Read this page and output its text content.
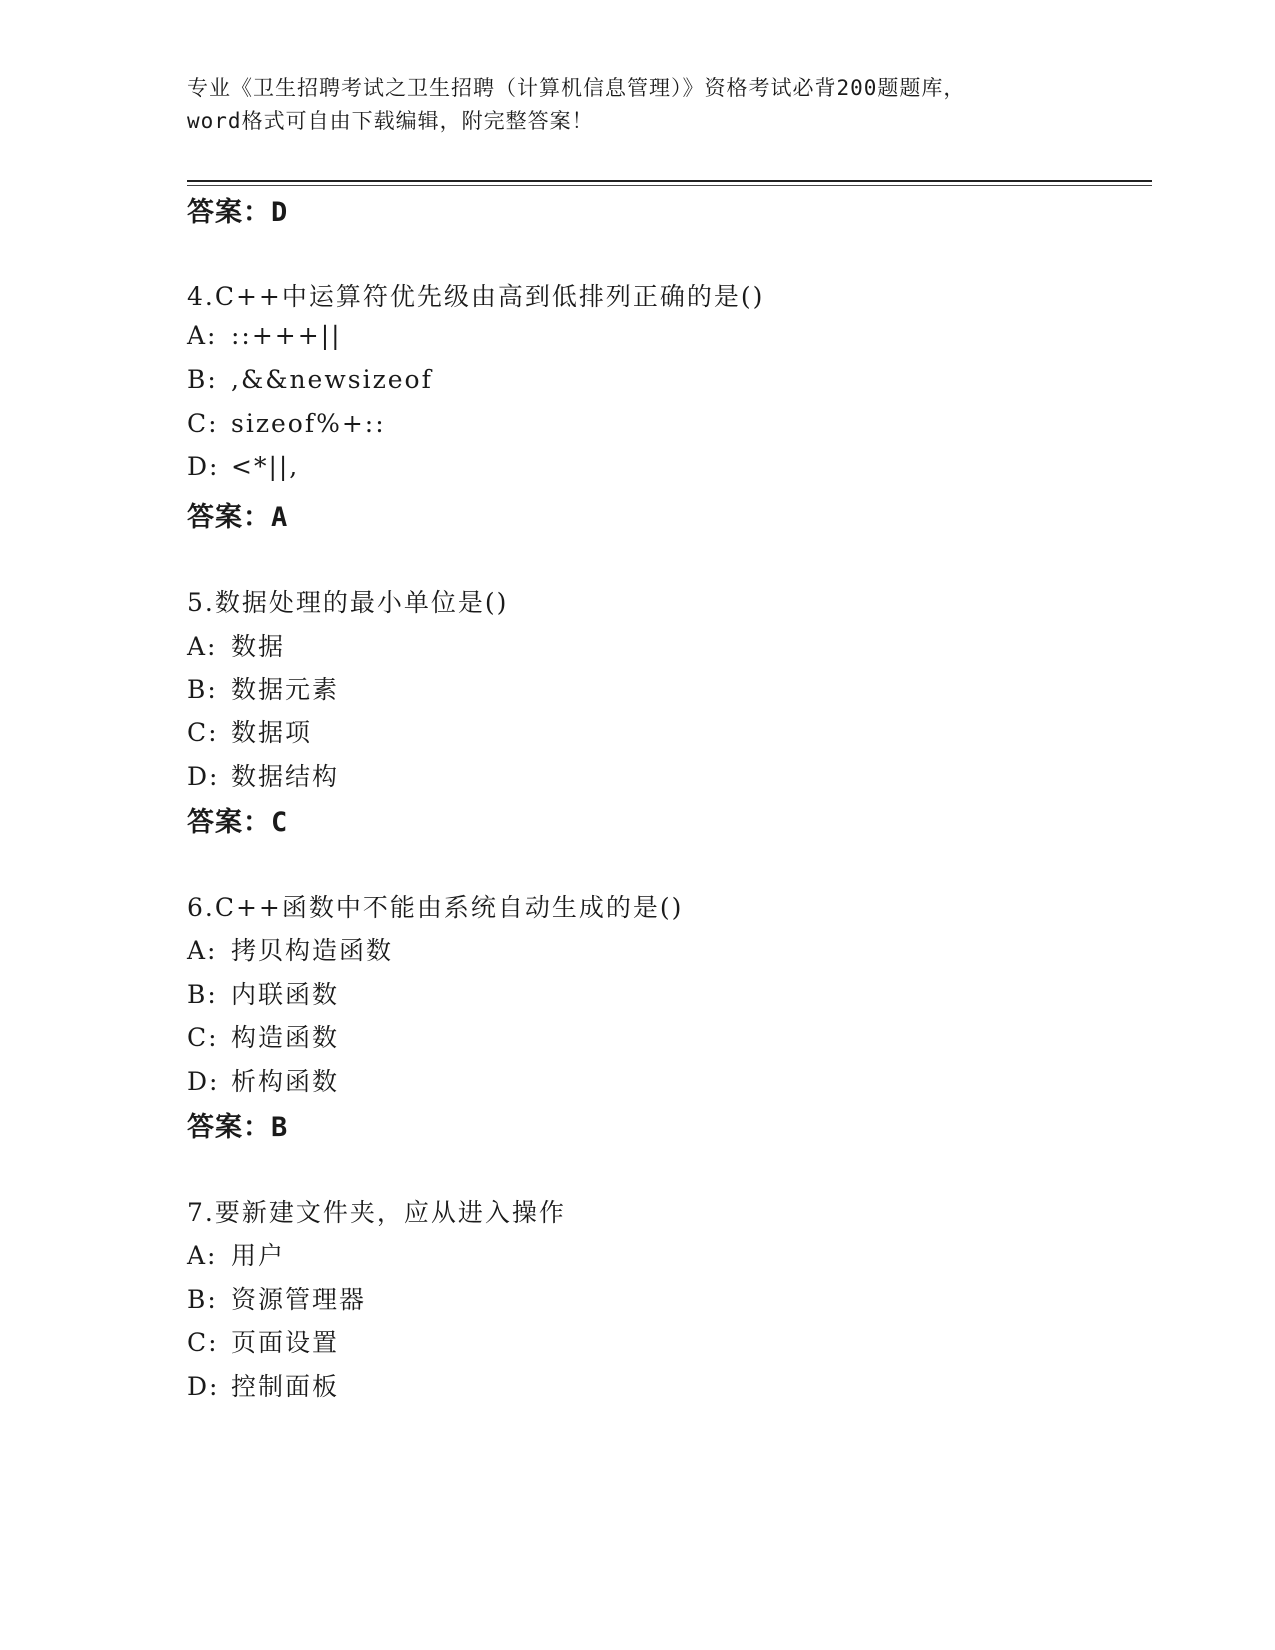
专业《卫生招聘考试之卫生招聘（计算机信息管理）》资格考试必背200题题库，
word格式可自由下载编辑，附完整答案！
答案：D
4.C++中运算符优先级由高到低排列正确的是()
A: ::+++||
B: ,&&newsizeof
C: sizeof%+::
D: <*||,
答案：A
5.数据处理的最小单位是()
A: 数据
B: 数据元素
C: 数据项
D: 数据结构
答案：C
6.C++函数中不能由系统自动生成的是()
A: 拷贝构造函数
B: 内联函数
C: 构造函数
D: 析构函数
答案：B
7.要新建文件夹，应从进入操作
A: 用户
B: 资源管理器
C: 页面设置
D: 控制面板
